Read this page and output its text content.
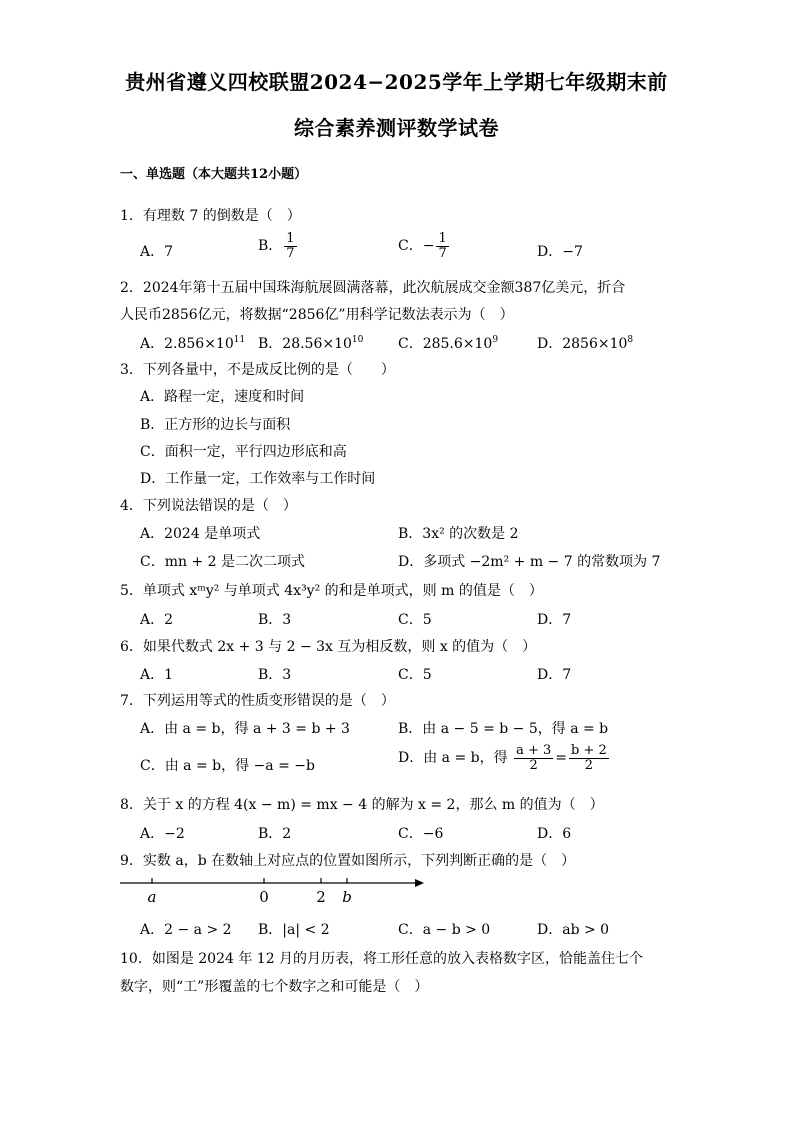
贵州省遵义四校联盟2024−2025学年上学期七年级期末前
综合素养测评数学试卷
一、单选题（本大题共12小题）
1．有理数 7 的倒数是（　）
A．7	B． $\frac{1}{7}$	C．− $\frac{1}{7}$	D．−7
2．2024年第十五届中国珠海航展圆满落幕，此次航展成交金额387亿美元，折合
人民币2856亿元，将数据“2856亿”用科学记数法表示为（　）
A．$2.856\times 10^{11}$ B．$28.56\times 10^{10}$ C．$285.6\times 10^9$	D．$2856\times 10^8$
3．下列各量中，不是成反比例的是（　　）
A．路程一定，速度和时间
B．正方形的边长与面积
C．面积一定，平行四边形底和高
D．工作量一定，工作效率与工作时间
4．下列说法错误的是（　）
A．2024 是单项式	B．3x² 的次数是 2
C．mn + 2 是二次二项式	D．多项式 −2m² + m − 7 的常数项为 7
5．单项式 xᵐy² 与单项式 4x³y² 的和是单项式，则 m 的值是（　）
A．2	B．3	C．5	D．7
6．如果代数式 2x + 3 与 2 − 3x 互为相反数，则 x 的值为（　）
A．1	B．3	C．5	D．7
7．下列运用等式的性质变形错误的是（　）
A．由 a = b，得 a + 3 = b + 3	B．由 a − 5 = b − 5，得 a = b
C．由 a = b，得 −a = −b	D．由 a = b，得 $\frac{a + 3}{2} = \frac{b + 2}{2}$
8．关于 x 的方程 4(x − m) = mx − 4 的解为 x = 2，那么 m 的值为（　）
A．−2	B．2	C．−6	D．6
9．实数 a，b 在数轴上对应点的位置如图所示，下列判断正确的是（　）
a	0	2 b
A．2 − a > 2 B．|a| < 2	C．a − b > 0	D．ab > 0
10．如图是 2024 年 12 月的月历表，将工形任意的放入表格数字区，恰能盖住七个
数字，则“工”形覆盖的七个数字之和可能是（　）
